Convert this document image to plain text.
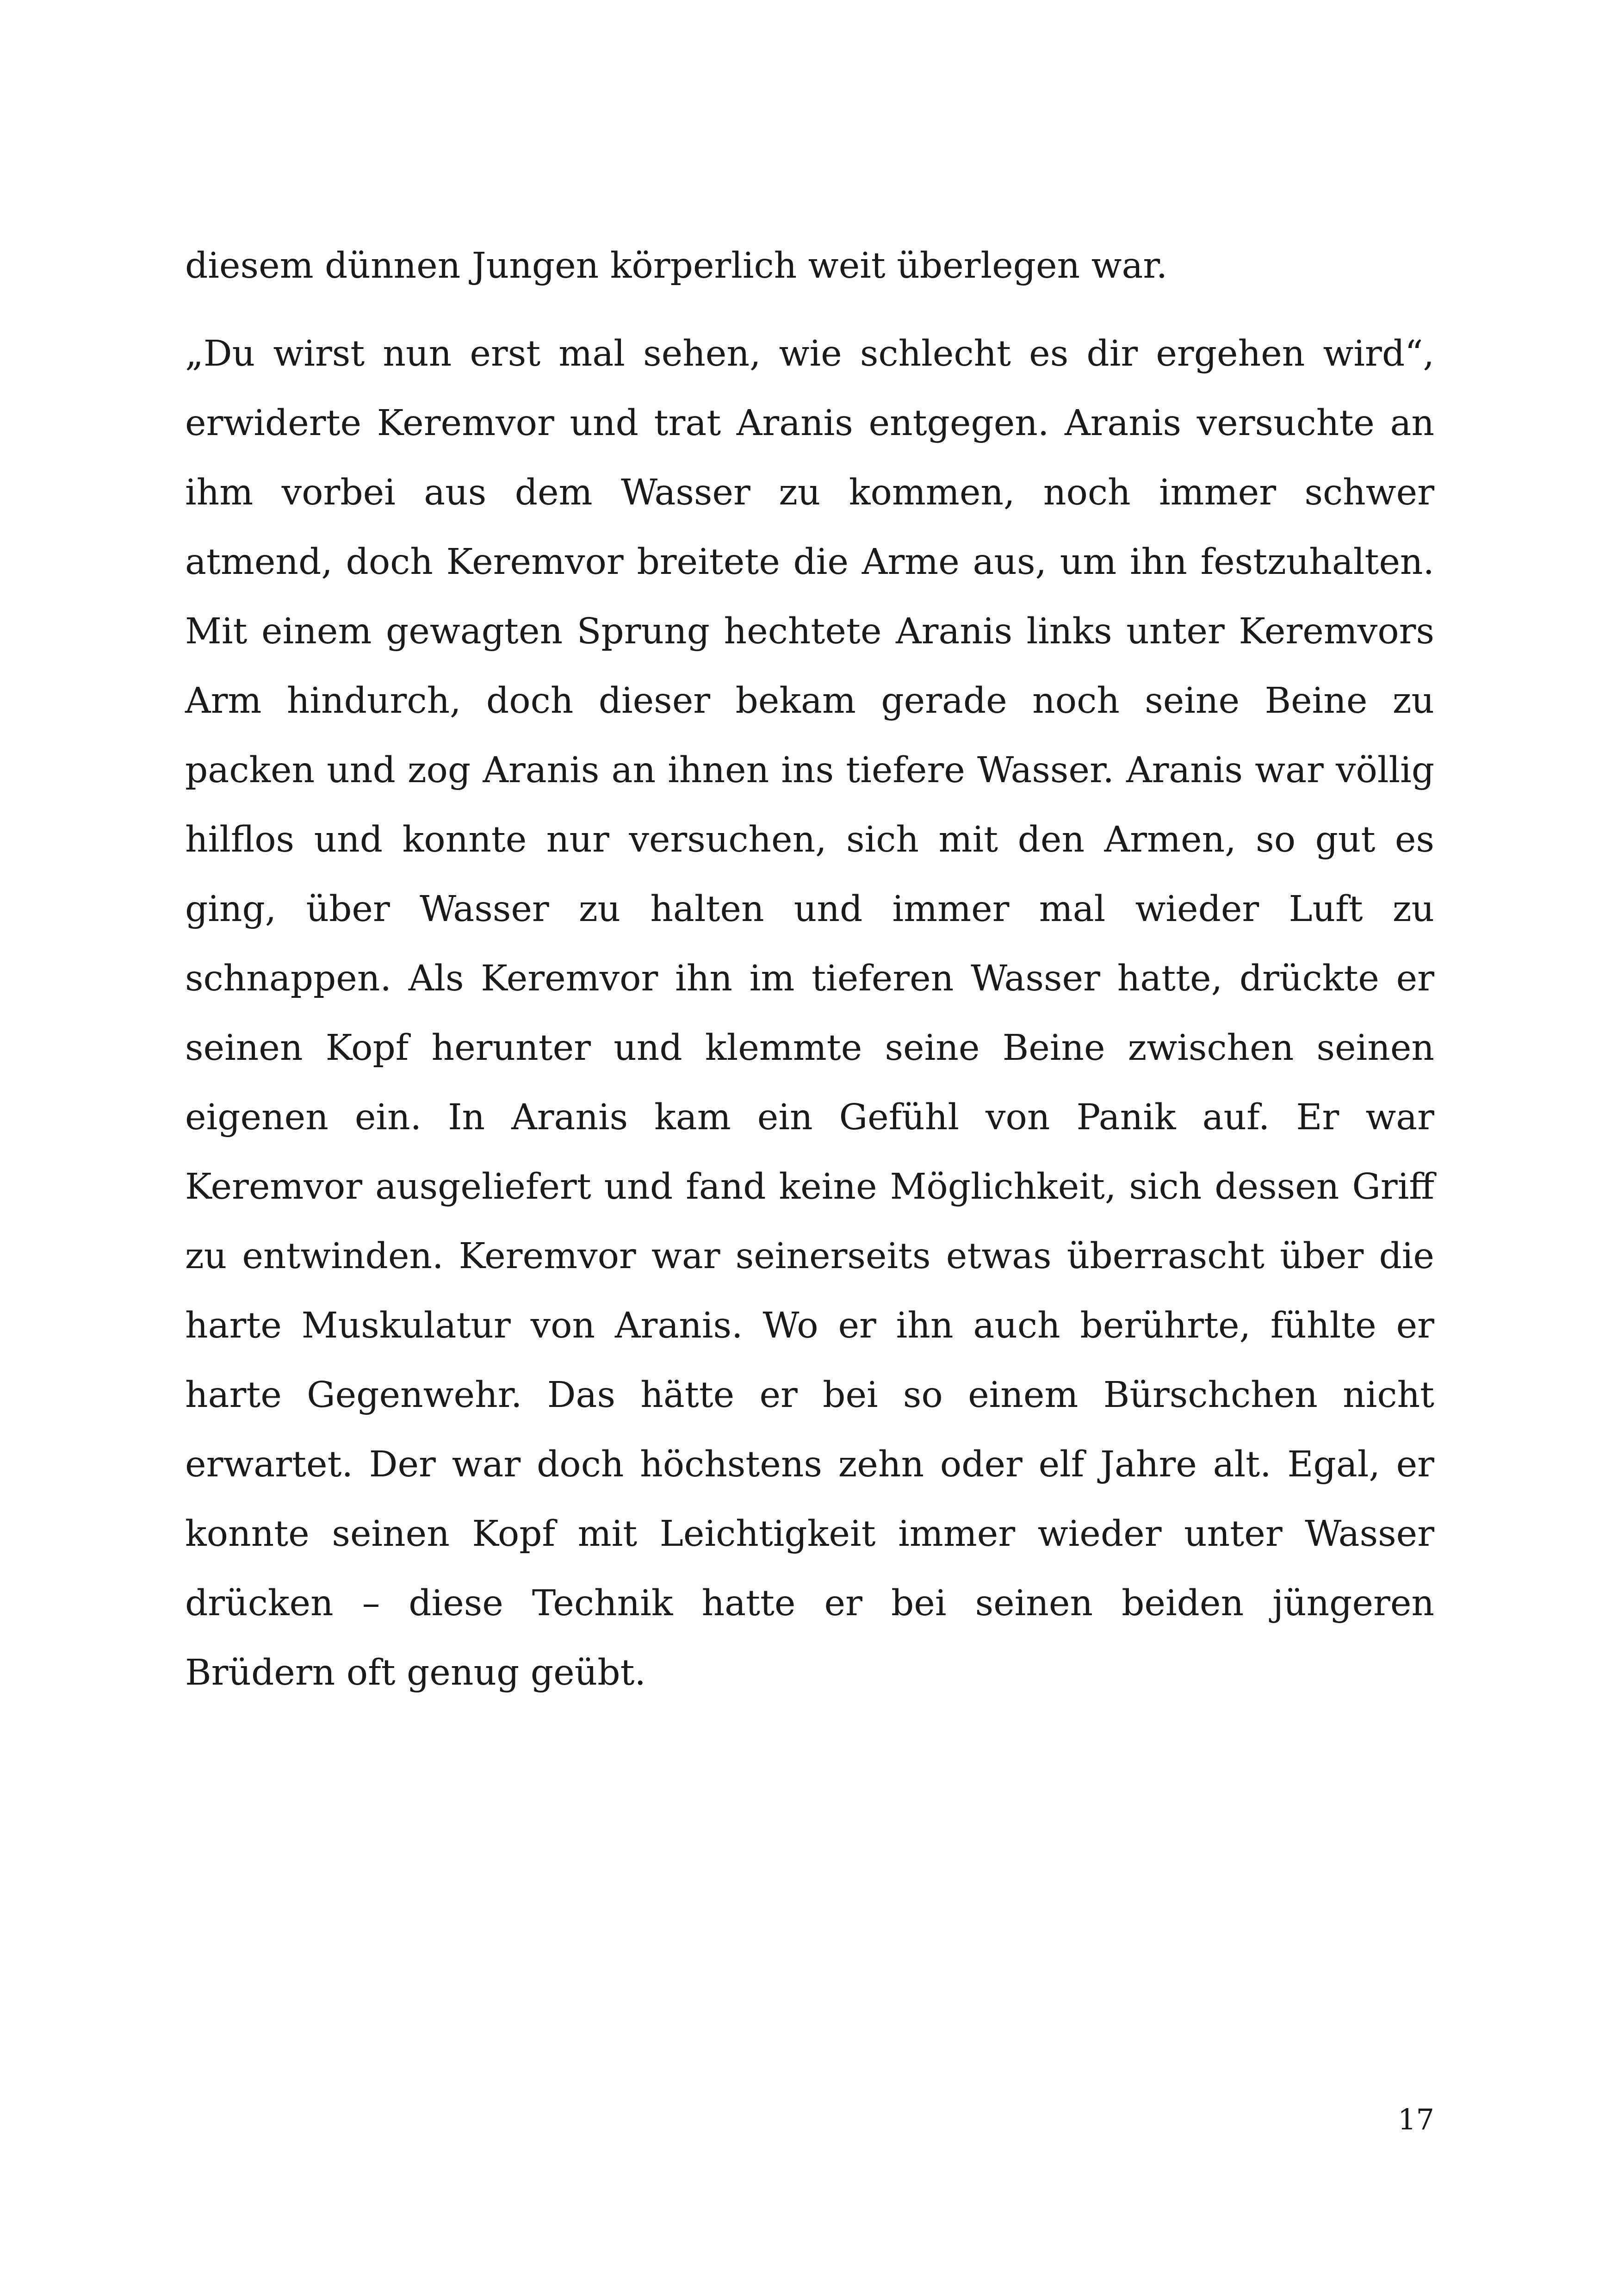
diesem dünnen Jungen körperlich weit überlegen war.

„Du wirst nun erst mal sehen, wie schlecht es dir ergehen wird“, erwiderte Keremvor und trat Aranis entgegen. Aranis versuchte an ihm vorbei aus dem Wasser zu kommen, noch immer schwer atmend, doch Keremvor breitete die Arme aus, um ihn festzuhalten. Mit einem gewagten Sprung hechtete Aranis links unter Keremvors Arm hindurch, doch dieser bekam gerade noch seine Beine zu packen und zog Aranis an ihnen ins tiefere Wasser. Aranis war völlig hilflos und konnte nur versuchen, sich mit den Armen, so gut es ging, über Wasser zu halten und immer mal wieder Luft zu schnappen. Als Keremvor ihn im tieferen Wasser hatte, drückte er seinen Kopf herunter und klemmte seine Beine zwischen seinen eigenen ein. In Aranis kam ein Gefühl von Panik auf. Er war Keremvor ausgeliefert und fand keine Möglichkeit, sich dessen Griff zu entwinden. Keremvor war seinerseits etwas überrascht über die harte Muskulatur von Aranis. Wo er ihn auch berührte, fühlte er harte Gegenwehr. Das hätte er bei so einem Bürschchen nicht erwartet. Der war doch höchstens zehn oder elf Jahre alt. Egal, er konnte seinen Kopf mit Leichtigkeit immer wieder unter Wasser drücken – diese Technik hatte er bei seinen beiden jüngeren Brüdern oft genug geübt.

17
